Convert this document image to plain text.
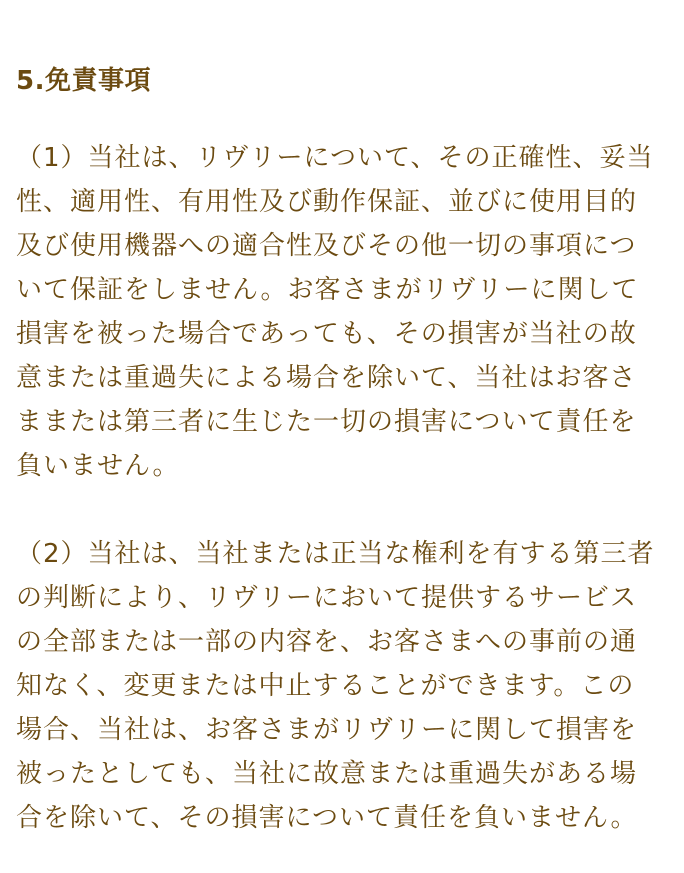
5.免責事項

（1）当社は、リヴリーについて、その正確性、妥当
性、適用性、有用性及び動作保証、並びに使用目的
及び使用機器への適合性及びその他一切の事項につ
いて保証をしません。お客さまがリヴリーに関して
損害を被った場合であっても、その損害が当社の故
意または重過失による場合を除いて、当社はお客さ
ままたは第三者に生じた一切の損害について責任を
負いません。

（2）当社は、当社または正当な権利を有する第三者
の判断により、リヴリーにおいて提供するサービス
の全部または一部の内容を、お客さまへの事前の通
知なく、変更または中止することができます。この
場合、当社は、お客さまがリヴリーに関して損害を
被ったとしても、当社に故意または重過失がある場
合を除いて、その損害について責任を負いません。
